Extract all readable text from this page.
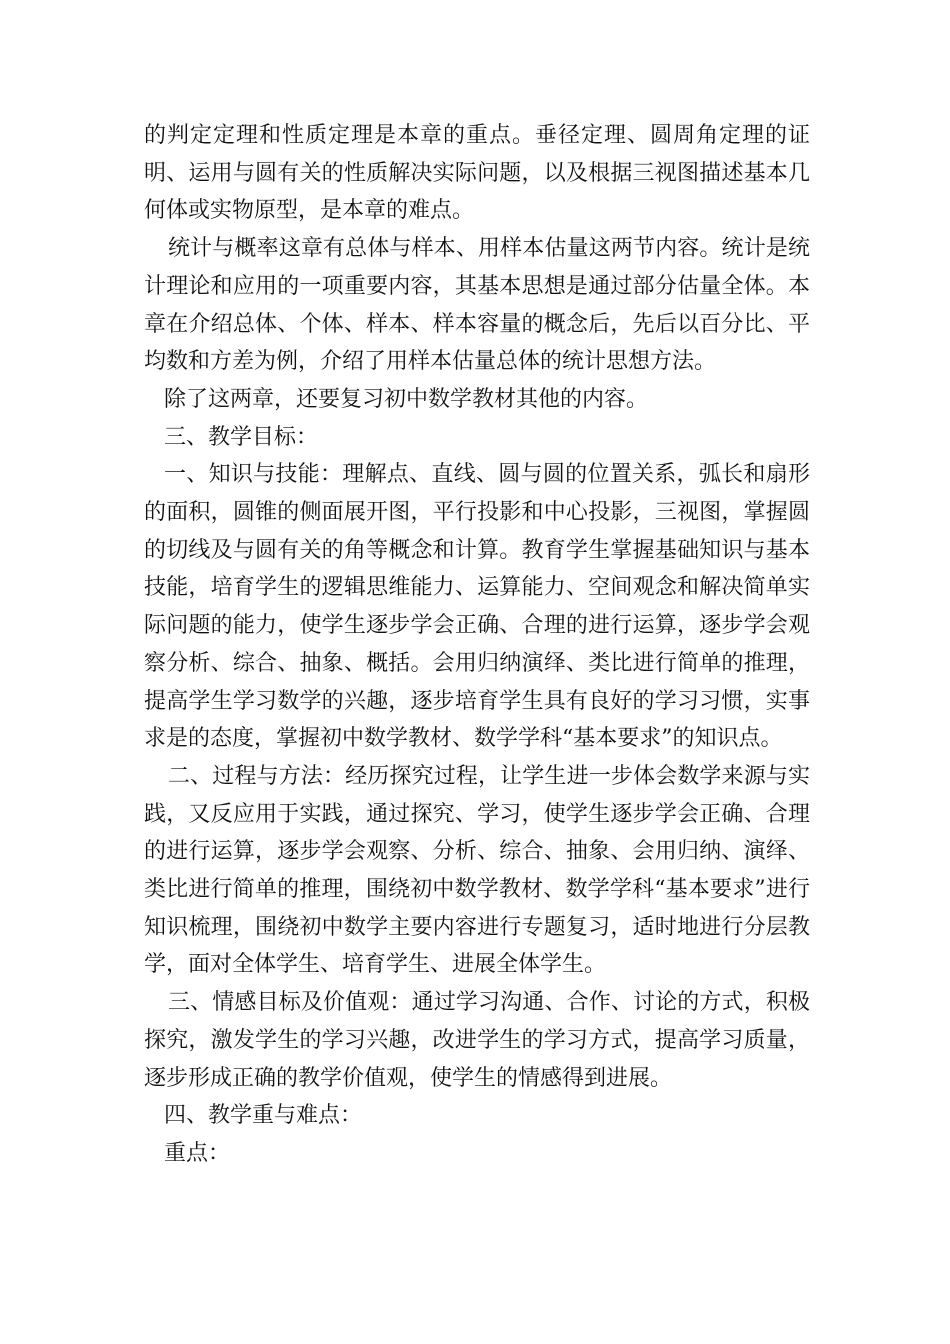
的判定定理和性质定理是本章的重点。垂径定理、圆周角定理的证明、运用与圆有关的性质解决实际问题，以及根据三视图描述基本几何体或实物原型，是本章的难点。

统计与概率这章有总体与样本、用样本估量这两节内容。统计是统计理论和应用的一项重要内容，其基本思想是通过部分估量全体。本章在介绍总体、个体、样本、样本容量的概念后，先后以百分比、平均数和方差为例，介绍了用样本估量总体的统计思想方法。

除了这两章，还要复习初中数学教材其他的内容。

三、教学目标：

一、知识与技能：理解点、直线、圆与圆的位置关系，弧长和扇形的面积，圆锥的侧面展开图，平行投影和中心投影，三视图，掌握圆的切线及与圆有关的角等概念和计算。教育学生掌握基础知识与基本技能，培育学生的逻辑思维能力、运算能力、空间观念和解决简单实际问题的能力，使学生逐步学会正确、合理的进行运算，逐步学会观察分析、综合、抽象、概括。会用归纳演绎、类比进行简单的推理，提高学生学习数学的兴趣，逐步培育学生具有良好的学习习惯，实事求是的态度，掌握初中数学教材、数学学科“基本要求”的知识点。

二、过程与方法：经历探究过程，让学生进一步体会数学来源与实践，又反应用于实践，通过探究、学习，使学生逐步学会正确、合理的进行运算，逐步学会观察、分析、综合、抽象、会用归纳、演绎、类比进行简单的推理，围绕初中数学教材、数学学科“基本要求”进行知识梳理，围绕初中数学主要内容进行专题复习，适时地进行分层教学，面对全体学生、培育学生、进展全体学生。

三、情感目标及价值观：通过学习沟通、合作、讨论的方式，积极探究，激发学生的学习兴趣，改进学生的学习方式，提高学习质量，逐步形成正确的教学价值观，使学生的情感得到进展。

四、教学重与难点：

重点：
